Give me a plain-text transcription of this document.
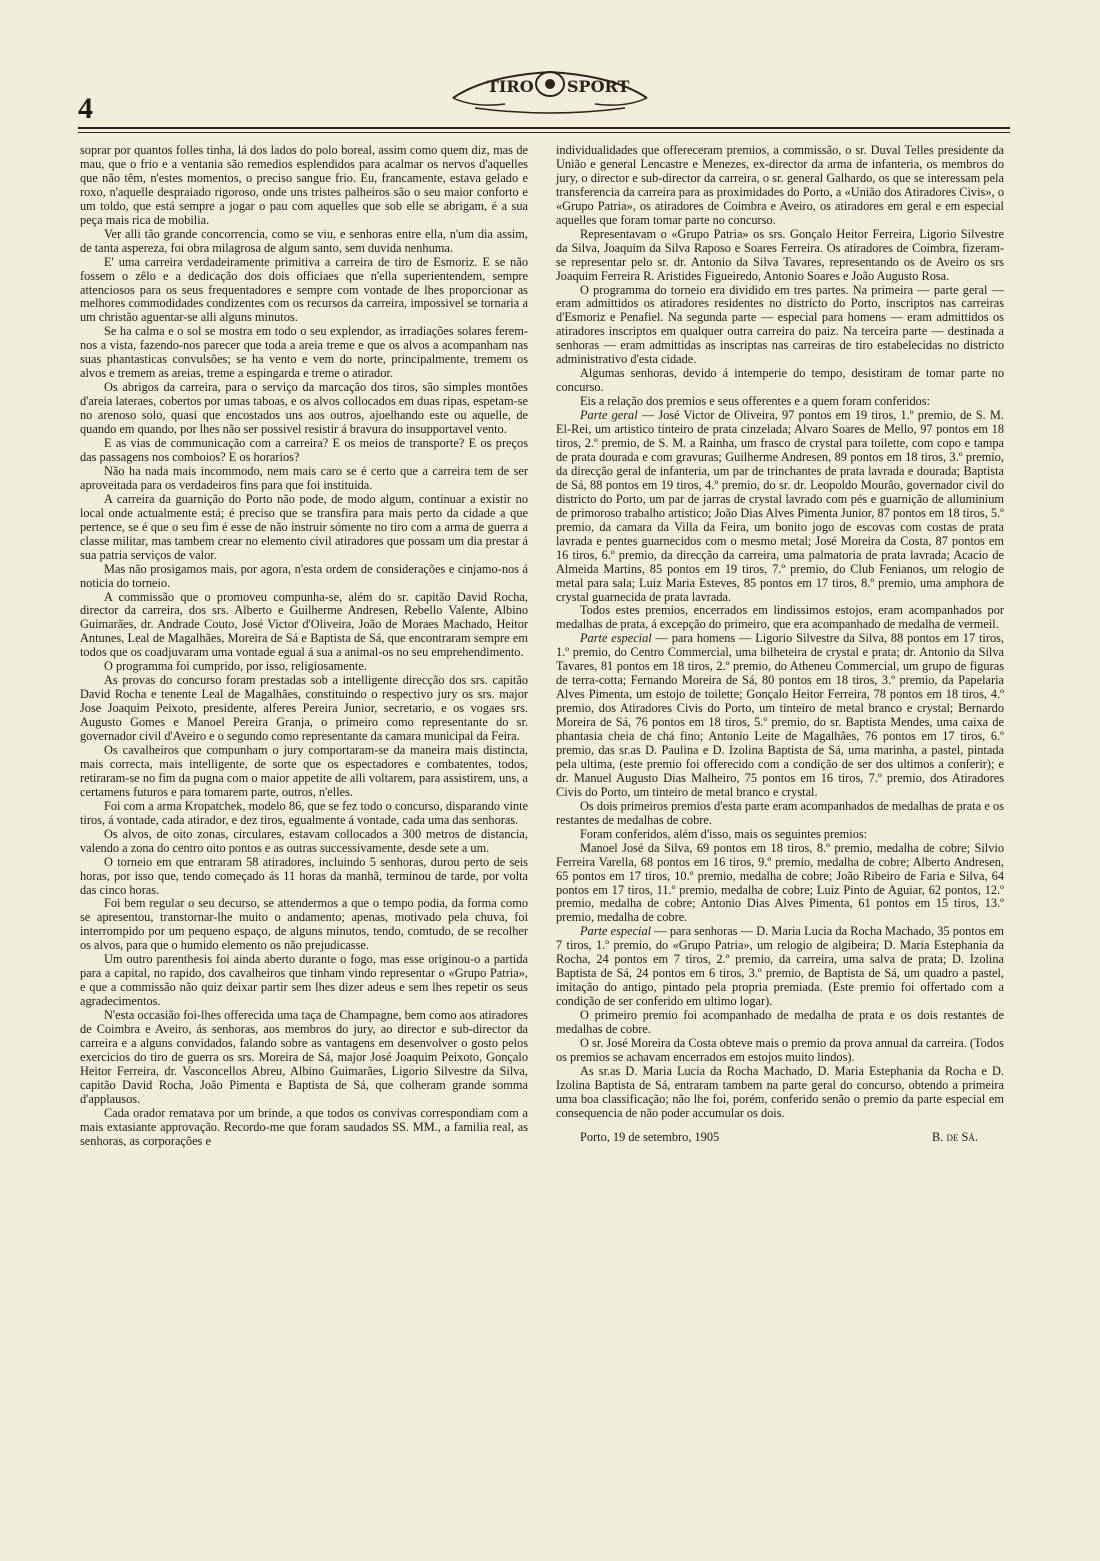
4
TIRO SPORT

soprar por quantos folles tinha, lá dos lados do polo boreal, assim como quem diz, mas de mau, que o frio e a ventania são remedios esplendidos para acalmar os nervos d'aquelles que não têm, n'estes momentos, o preciso sangue frio. Eu, francamente, estava gelado e roxo, n'aquelle despraiado rigoroso, onde uns tristes palheiros são o seu maior conforto e um toldo, que está sempre a jogar o pau com aquelles que sob elle se abrigam, é a sua peça mais rica de mobilia.

Ver alli tão grande concorrencia, como se viu, e senhoras entre ella, n'um dia assim, de tanta aspereza, foi obra milagrosa de algum santo, sem duvida nenhuma.

E' uma carreira verdadeiramente primitiva a carreira de tiro de Esmoriz. E se não fossem o zêlo e a dedicação dos dois officiaes que n'ella superientendem, sempre attenciosos para os seus frequentadores e sempre com vontade de lhes proporcionar as melhores commodidades condizentes com os recursos da carreira, impossivel se tornaria a um christão aguentar-se alli alguns minutos.

Se ha calma e o sol se mostra em todo o seu explendor, as irradiações solares ferem-nos a vista, fazendo-nos parecer que toda a areia treme e que os alvos a acompanham nas suas phantasticas convulsões; se ha vento e vem do norte, principalmente, tremem os alvos e tremem as areias, treme a espingarda e treme o atirador.

Os abrigos da carreira, para o serviço da marcação dos tiros, são simples montões d'areia lateraes, cobertos por umas taboas, e os alvos collocados em duas ripas, espetam-se no arenoso solo, quasi que encostados uns aos outros, ajoelhando este ou aquelle, de quando em quando, por lhes não ser possivel resistir á bravura do insupportavel vento.

E as vias de communicação com a carreira? E os meios de transporte? E os preços das passagens nos comboios? E os horarios?

Não ha nada mais incommodo, nem mais caro se é certo que a carreira tem de ser aproveitada para os verdadeiros fins para que foi instituida.

A carreira da guarnição do Porto não pode, de modo algum, continuar a existir no local onde actualmente está; é preciso que se transfira para mais perto da cidade a que pertence, se é que o seu fim é esse de não instruir sómente no tiro com a arma de guerra a classe militar, mas tambem crear no elemento civil atiradores que possam um dia prestar á sua patria serviços de valor.

Mas não prosigamos mais, por agora, n'esta ordem de considerações e cinjamo-nos á noticia do torneio.

A commissão que o promoveu compunha-se, além do sr. capitão David Rocha, director da carreira, dos srs. Alberto e Guilherme Andresen, Rebello Valente, Albino Guimarães, dr. Andrade Couto, José Victor d'Oliveira, João de Moraes Machado, Heitor Antunes, Leal de Magalhães, Moreira de Sá e Baptista de Sá, que encontraram sempre em todos que os coadjuvaram uma vontade egual á sua a animal-os no seu emprehendimento.

O programma foi cumprido, por isso, religiosamente.

As provas do concurso foram prestadas sob a intelligente direcção dos srs. capitão David Rocha e tenente Leal de Magalhães, constituindo o respectivo jury os srs. major Jose Joaquim Peixoto, presidente, alferes Pereira Junior, secretario, e os vogaes srs. Augusto Gomes e Manoel Pereira Granja, o primeiro como representante do sr. governador civil d'Aveiro e o segundo como representante da camara municipal da Feira.

Os cavalheiros que compunham o jury comportaram-se da maneira mais distincta, mais correcta, mais intelligente, de sorte que os espectadores e combatentes, todos, retiraram-se no fim da pugna com o maior appetite de alli voltarem, para assistirem, uns, a certamens futuros e para tomarem parte, outros, n'elles.

Foi com a arma Kropatchek, modelo 86, que se fez todo o concurso, disparando vinte tiros, á vontade, cada atirador, e dez tiros, egualmente á vontade, cada uma das senhoras.

Os alvos, de oito zonas, circulares, estavam collocados a 300 metros de distancia, valendo a zona do centro oito pontos e as outras successivamente, desde sete a um.

O torneio em que entraram 58 atiradores, incluindo 5 senhoras, durou perto de seis horas, por isso que, tendo começado ás 11 horas da manhã, terminou de tarde, por volta das cinco horas.

Foi bem regular o seu decurso, se attendermos a que o tempo podia, da forma como se apresentou, transtornar-lhe muito o andamento; apenas, motivado pela chuva, foi interrompido por um pequeno espaço, de alguns minutos, tendo, comtudo, de se recolher os alvos, para que o humido elemento os não prejudicasse.

Um outro parenthesis foi ainda aberto durante o fogo, mas esse originou-o a partida para a capital, no rapido, dos cavalheiros que tinham vindo representar o «Grupo Patria», e que a commissão não quiz deixar partir sem lhes dizer adeus e sem lhes repetir os seus agradecimentos.

N'esta occasião foi-lhes offerecida uma taça de Champagne, bem como aos atiradores de Coimbra e Aveiro, ás senhoras, aos membros do jury, ao director e sub-director da carreira e a alguns convidados, falando sobre as vantagens em desenvolver o gosto pelos exercicios do tiro de guerra os srs. Moreira de Sá, major José Joaquim Peixoto, Gonçalo Heitor Ferreira, dr. Vasconcellos Abreu, Albino Guimarães, Ligorio Silvestre da Silva, capitão David Rocha, João Pimenta e Baptista de Sá, que colheram grande somma d'applausos.

Cada orador rematava por um brinde, a que todos os convivas correspondiam com a mais extasiante approvação. Recordo-me que foram saudados SS. MM., a familia real, as senhoras, as corporações e

individualidades que offereceram premios, a commissão, o sr. Duval Telles presidente da União e general Lencastre e Menezes, ex-director da arma de infanteria, os membros do jury, o director e sub-director da carreira, o sr. general Galhardo, os que se interessam pela transferencia da carreira para as proximidades do Porto, a «União dos Atiradores Civis», o «Grupo Patria», os atiradores de Coimbra e Aveiro, os atiradores em geral e em especial aquelles que foram tomar parte no concurso.

Representavam o «Grupo Patria» os srs. Gonçalo Heitor Ferreira, Ligorio Silvestre da Silva, Joaquim da Silva Raposo e Soares Ferreira. Os atiradores de Coimbra, fizeram-se representar pelo sr. dr. Antonio da Silva Tavares, representando os de Aveiro os srs Joaquim Ferreira R. Aristides Figueiredo, Antonio Soares e João Augusto Rosa.

O programma do torneio era dividido em tres partes. Na primeira — parte geral — eram admittidos os atiradores residentes no districto do Porto, inscriptos nas carreiras d'Esmoriz e Penafiel. Na segunda parte — especial para homens — eram admittidos os atiradores inscriptos em qualquer outra carreira do paiz. Na terceira parte — destinada a senhoras — eram admittidas as inscriptas nas carreiras de tiro estabelecidas no districto administrativo d'esta cidade.

Algumas senhoras, devido á intemperie do tempo, desistiram de tomar parte no concurso.

Eis a relação dos premios e seus offerentes e a quem foram conferidos:

Parte geral — José Victor de Oliveira, 97 pontos em 19 tiros, 1.º premio, de S. M. El-Rei, um artistico tinteiro de prata cinzelada; Alvaro Soares de Mello, 97 pontos em 18 tiros, 2.º premio, de S. M. a Rainha, um frasco de crystal para toilette, com copo e tampa de prata dourada e com gravuras; Guilherme Andresen, 89 pontos em 18 tiros, 3.º premio, da direcção geral de infanteria, um par de trinchantes de prata lavrada e dourada; Baptista de Sá, 88 pontos em 19 tiros, 4.º premio, do sr. dr. Leopoldo Mourão, governador civil do districto do Porto, um par de jarras de crystal lavrado com pés e guarnição de alluminium de primoroso trabalho artistico; João Dias Alves Pimenta Junior, 87 pontos em 18 tiros, 5.º premio, da camara da Villa da Feira, um bonito jogo de escovas com costas de prata lavrada e pentes guarnecidos com o mesmo metal; José Moreira da Costa, 87 pontos em 16 tiros, 6.º premio, da direcção da carreira, uma palmatoria de prata lavrada; Acacio de Almeida Martins, 85 pontos em 19 tiros, 7.º premio, do Club Fenianos, um relogio de metal para sala; Luiz Maria Esteves, 85 pontos em 17 tiros, 8.º premio, uma amphora de crystal guarnecida de prata lavrada.

Todos estes premios, encerrados em lindissimos estojos, eram acompanhados por medalhas de prata, á excepção do primeiro, que era acompanhado de medalha de vermeil.

Parte especial — para homens — Ligorio Silvestre da Silva, 88 pontos em 17 tiros, 1.º premio, do Centro Commercial, uma bilheteira de crystal e prata; dr. Antonio da Silva Tavares, 81 pontos em 18 tiros, 2.º premio, do Atheneu Commercial, um grupo de figuras de terra-cotta; Fernando Moreira de Sá, 80 pontos em 18 tiros, 3.º premio, da Papelaria Alves Pimenta, um estojo de toilette; Gonçalo Heitor Ferreira, 78 pontos em 18 tiros, 4.º premio, dos Atiradores Civis do Porto, um tinteiro de metal branco e crystal; Bernardo Moreira de Sá, 76 pontos em 18 tiros, 5.º premio, do sr. Baptista Mendes, uma caixa de phantasia cheia de chá fino; Antonio Leite de Magalhães, 76 pontos em 17 tiros, 6.º premio, das sr.as D. Paulina e D. Izolina Baptista de Sá, uma marinha, a pastel, pintada pela ultima, (este premio foi offerecido com a condição de ser dos ultimos a conferir); e dr. Manuel Augusto Dias Malheiro, 75 pontos em 16 tiros, 7.º premio, dos Atiradores Civis do Porto, um tinteiro de metal branco e crystal.

Os dois primeiros premios d'esta parte eram acompanhados de medalhas de prata e os restantes de medalhas de cobre.

Foram conferidos, além d'isso, mais os seguintes premios:

Manoel José da Silva, 69 pontos em 18 tiros, 8.º premio, medalha de cobre; Silvio Ferreira Varella, 68 pontos em 16 tiros, 9.º premio, medalha de cobre; Alberto Andresen, 65 pontos em 17 tiros, 10.º premio, medalha de cobre; João Ribeiro de Faria e Silva, 64 pontos em 17 tiros, 11.º premio, medalha de cobre; Luiz Pinto de Aguiar, 62 pontos, 12.º premio, medalha de cobre; Antonio Dias Alves Pimenta, 61 pontos em 15 tiros, 13.º premio, medalha de cobre.

Parte especial — para senhoras — D. Maria Lucia da Rocha Machado, 35 pontos em 7 tiros, 1.º premio, do «Grupo Patria», um relogio de algibeira; D. Maria Estephania da Rocha, 24 pontos em 7 tiros, 2.º premio, da carreira, uma salva de prata; D. Izolina Baptista de Sá, 24 pontos em 6 tiros, 3.º premio, de Baptista de Sá, um quadro a pastel, imitação do antigo, pintado pela propria premiada. (Este premio foi offertado com a condição de ser conferido em ultimo logar).

O primeiro premio foi acompanhado de medalha de prata e os dois restantes de medalhas de cobre.

O sr. José Moreira da Costa obteve mais o premio da prova annual da carreira. (Todos os premios se achavam encerrados em estojos muito lindos).

As sr.as D. Maria Lucia da Rocha Machado, D. Maria Estephania da Rocha e D. Izolina Baptista de Sá, entraram tambem na parte geral do concurso, obtendo a primeira uma boa classificação; não lhe foi, porém, conferido senão o premio da parte especial em consequencia de não poder accumular os dois.

Porto, 19 de setembro, 1905	B. de Sá.
